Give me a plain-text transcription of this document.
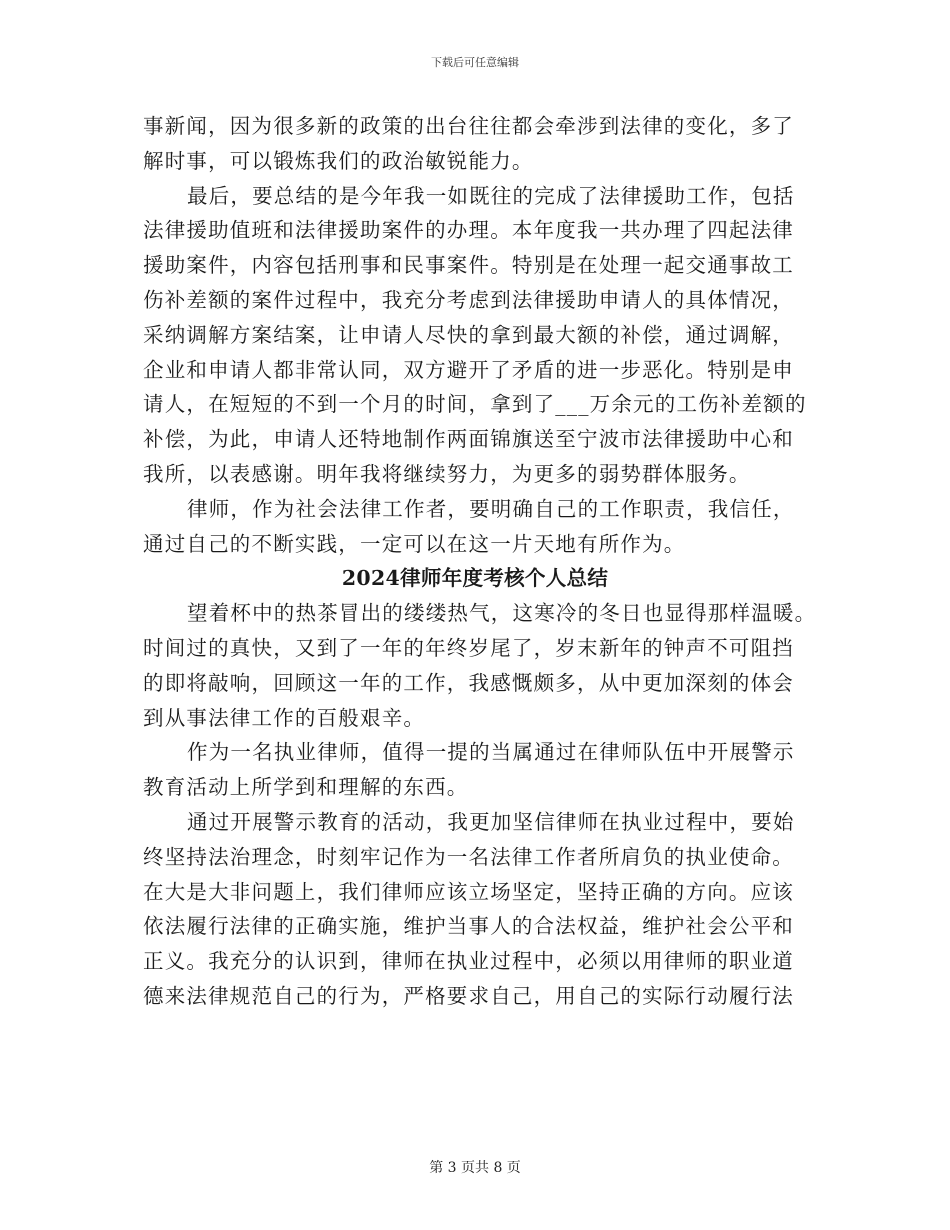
下载后可任意编辑
事新闻，因为很多新的政策的出台往往都会牵涉到法律的变化，多了
解时事，可以锻炼我们的政治敏锐能力。
最后，要总结的是今年我一如既往的完成了法律援助工作，包括
法律援助值班和法律援助案件的办理。本年度我一共办理了四起法律
援助案件，内容包括刑事和民事案件。特别是在处理一起交通事故工
伤补差额的案件过程中，我充分考虑到法律援助申请人的具体情况，
采纳调解方案结案，让申请人尽快的拿到最大额的补偿，通过调解，
企业和申请人都非常认同，双方避开了矛盾的进一步恶化。特别是申
请人，在短短的不到一个月的时间，拿到了___万余元的工伤补差额的
补偿，为此，申请人还特地制作两面锦旗送至宁波市法律援助中心和
我所，以表感谢。明年我将继续努力，为更多的弱势群体服务。
律师，作为社会法律工作者，要明确自己的工作职责，我信任，
通过自己的不断实践，一定可以在这一片天地有所作为。
2024律师年度考核个人总结
望着杯中的热茶冒出的缕缕热气，这寒冷的冬日也显得那样温暖。
时间过的真快，又到了一年的年终岁尾了，岁末新年的钟声不可阻挡
的即将敲响，回顾这一年的工作，我感慨颇多，从中更加深刻的体会
到从事法律工作的百般艰辛。
作为一名执业律师，值得一提的当属通过在律师队伍中开展警示
教育活动上所学到和理解的东西。
通过开展警示教育的活动，我更加坚信律师在执业过程中，要始
终坚持法治理念，时刻牢记作为一名法律工作者所肩负的执业使命。
在大是大非问题上，我们律师应该立场坚定，坚持正确的方向。应该
依法履行法律的正确实施，维护当事人的合法权益，维护社会公平和
正义。我充分的认识到，律师在执业过程中，必须以用律师的职业道
德来法律规范自己的行为，严格要求自己，用自己的实际行动履行法
第 3 页共 8 页
